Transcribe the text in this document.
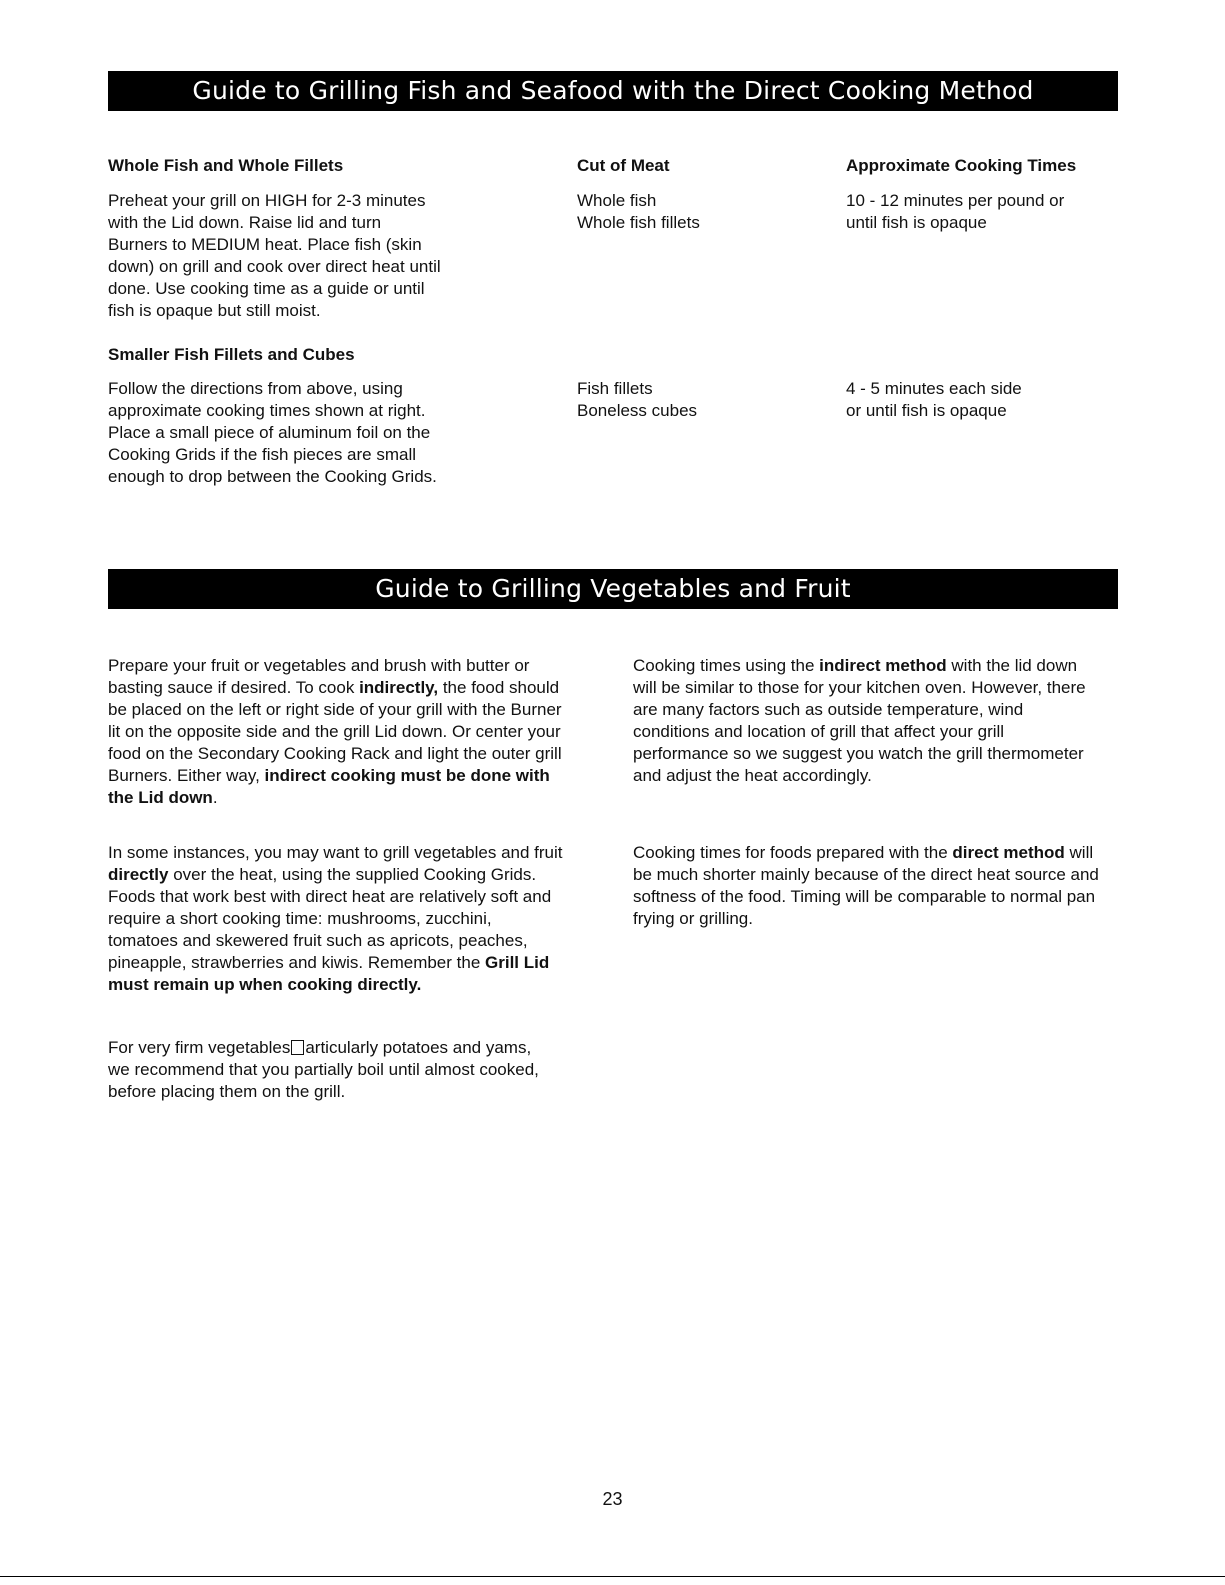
Guide to Grilling Fish and Seafood with the Direct Cooking Method
Whole Fish and Whole Fillets	Cut of Meat	Approximate Cooking Times
Preheat your grill on HIGH for 2-3 minutes
with the Lid down. Raise lid and turn
Burners to MEDIUM heat. Place fish (skin
down) on grill and cook over direct heat until
done. Use cooking time as a guide or until
fish is opaque but still moist.
Whole fish
Whole fish fillets
10 - 12 minutes per pound or
until fish is opaque
Smaller Fish Fillets and Cubes
Follow the directions from above, using
approximate cooking times shown at right.
Place a small piece of aluminum foil on the
Cooking Grids if the fish pieces are small
enough to drop between the Cooking Grids.
Fish fillets
Boneless cubes
4 - 5 minutes each side
or until fish is opaque
Guide to Grilling Vegetables and Fruit

Prepare your fruit or vegetables and brush with butter or basting sauce if desired. To cook indirectly, the food should be placed on the left or right side of your grill with the Burner lit on the opposite side and the grill Lid down. Or center your food on the Secondary Cooking Rack and light the outer grill Burners. Either way, indirect cooking must be done with the Lid down.

In some instances, you may want to grill vegetables and fruit directly over the heat, using the supplied Cooking Grids. Foods that work best with direct heat are relatively soft and require a short cooking time: mushrooms, zucchini, tomatoes and skewered fruit such as apricots, peaches, pineapple, strawberries and kiwis. Remember the Grill Lid must remain up when cooking directly.

For very firm vegetables articularly potatoes and yams, we recommend that you partially boil until almost cooked, before placing them on the grill.

Cooking times using the indirect method with the lid down will be similar to those for your kitchen oven. However, there are many factors such as outside temperature, wind conditions and location of grill that affect your grill performance so we suggest you watch the grill thermometer and adjust the heat accordingly.

Cooking times for foods prepared with the direct method will be much shorter mainly because of the direct heat source and softness of the food. Timing will be comparable to normal pan frying or grilling.

23
